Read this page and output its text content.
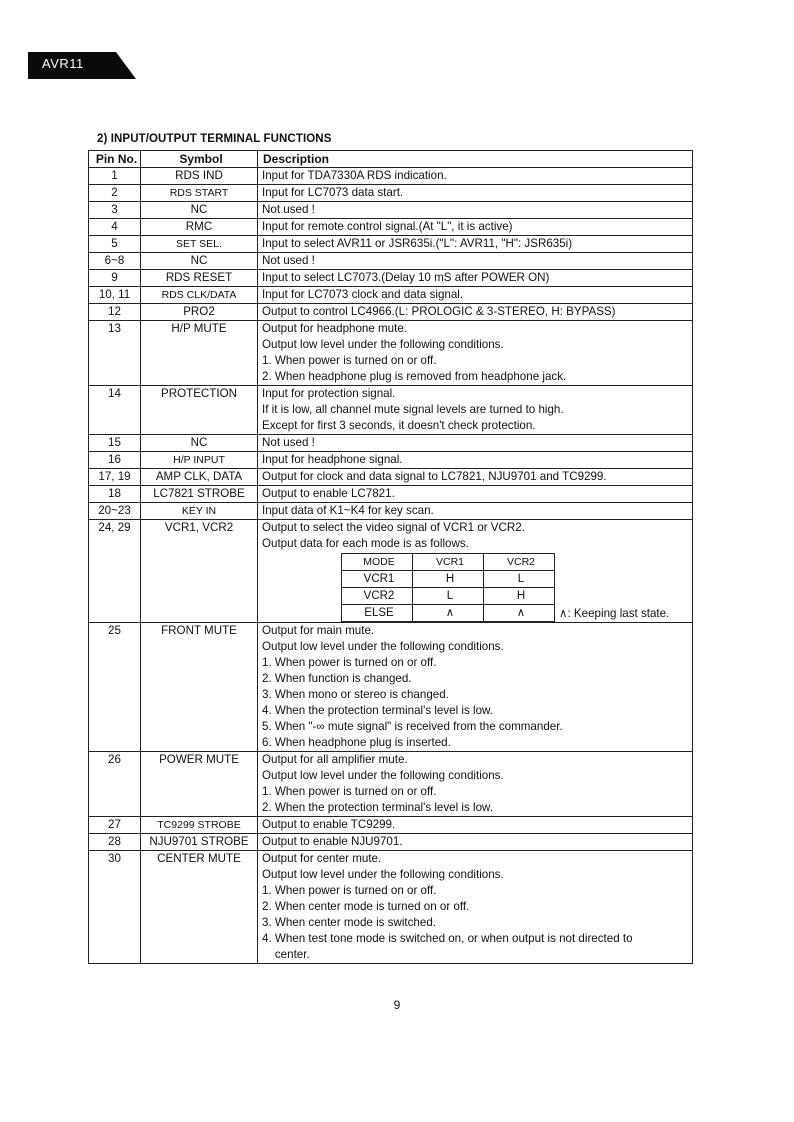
AVR11
2) INPUT/OUTPUT TERMINAL FUNCTIONS
Pin No.	Symbol	Description
1	RDS IND	Input for TDA7330A RDS indication.

2	RDS START	Input for LC7073 data start.

3	NC	Not used !

4	RMC	Input for remote control signal.(At "L", it is active)

5	SET SEL.	Input to select AVR11 or JSR635i.("L": AVR11, "H": JSR635i)

6~8	NC	Not used !

9	RDS RESET	Input to select LC7073.(Delay 10 mS after POWER ON)

10, 11	RDS CLK/DATA	Input for LC7073 clock and data signal.

12	PRO2	Output to control LC4966.(L: PROLOGIC & 3-STEREO, H: BYPASS)

13	H/P MUTE	Output for headphone mute.
Output low level under the following conditions.
1. When power is turned on or off.
2. When headphone plug is removed from headphone jack.

14	PROTECTION	Input for protection signal.
If it is low, all channel mute signal levels are turned to high.
Except for first 3 seconds, it doesn't check protection.

15	NC	Not used !

16	H/P INPUT	Input for headphone signal.

17, 19	AMP CLK, DATA	Output for clock and data signal to LC7821, NJU9701 and TC9299.

18	LC7821 STROBE	Output to enable LC7821.

20~23	KEY IN	Input data of K1~K4 for key scan.

24, 29	VCR1, VCR2	Output to select the video signal of VCR1 or VCR2.
Output data for each mode is as follows.
MODE	VCR1	VCR2
VCR1	H	L
VCR2	L	H
ELSE	∧	∧	∧: Keeping last state.

25	FRONT MUTE	Output for main mute.
Output low level under the following conditions.
1. When power is turned on or off.
2. When function is changed.
3. When mono or stereo is changed.
4. When the protection terminal's level is low.
5. When "-∞ mute signal" is received from the commander.
6. When headphone plug is inserted.

26	POWER MUTE	Output for all amplifier mute.
Output low level under the following conditions.
1. When power is turned on or off.
2. When the protection terminal's level is low.

27	TC9299 STROBE	Output to enable TC9299.

28	NJU9701 STROBE	Output to enable NJU9701.

30	CENTER MUTE	Output for center mute.
Output low level under the following conditions.
1. When power is turned on or off.
2. When center mode is turned on or off.
3. When center mode is switched.
4. When test tone mode is switched on, or when output is not directed to
center.
9
